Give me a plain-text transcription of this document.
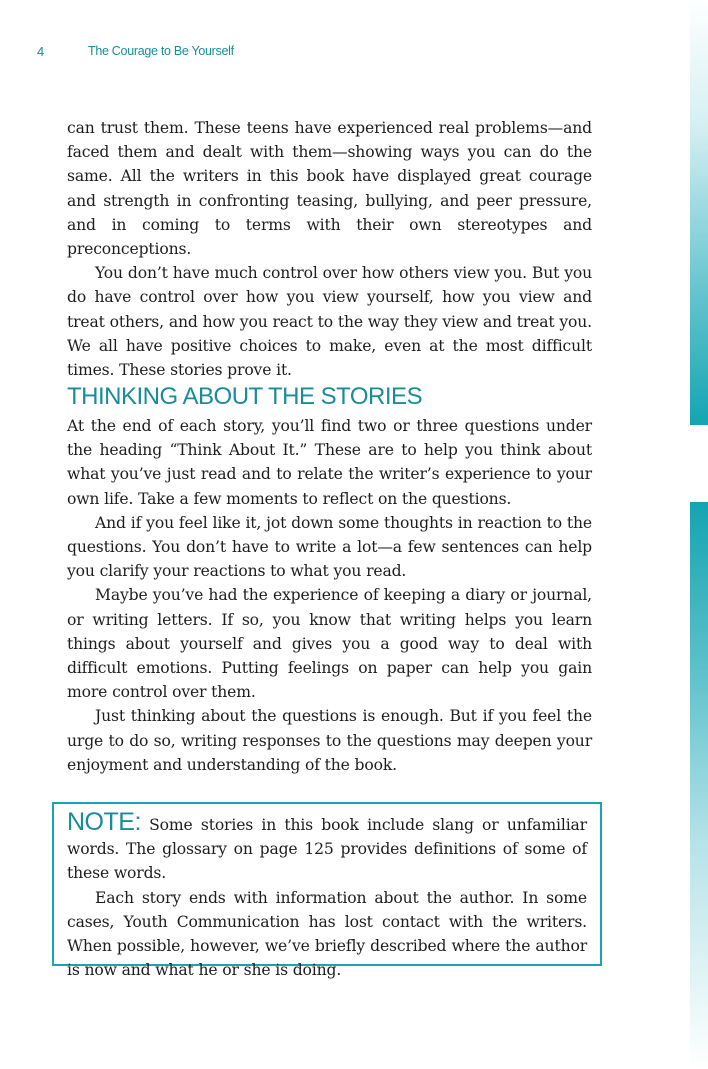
4	The Courage to Be Yourself

can trust them. These teens have experienced real problems—and faced them and dealt with them—showing ways you can do the same. All the writers in this book have displayed great courage and strength in confronting teasing, bullying, and peer pressure, and in coming to terms with their own stereotypes and preconceptions.

You don’t have much control over how others view you. But you do have control over how you view yourself, how you view and treat others, and how you react to the way they view and treat you. We all have positive choices to make, even at the most difficult times. These stories prove it.

THINKING ABOUT THE STORIES

At the end of each story, you’ll find two or three questions under the heading “Think About It.” These are to help you think about what you’ve just read and to relate the writer’s experience to your own life. Take a few moments to reflect on the questions.

And if you feel like it, jot down some thoughts in reaction to the questions. You don’t have to write a lot—a few sentences can help you clarify your reactions to what you read.

Maybe you’ve had the experience of keeping a diary or journal, or writing letters. If so, you know that writing helps you learn things about yourself and gives you a good way to deal with difficult emotions. Putting feelings on paper can help you gain more control over them.

Just thinking about the questions is enough. But if you feel the urge to do so, writing responses to the questions may deepen your enjoyment and understanding of the book.

NOTE: Some stories in this book include slang or unfamiliar words. The glossary on page 125 provides definitions of some of these words.

Each story ends with information about the author. In some cases, Youth Communication has lost contact with the writers. When possible, however, we’ve briefly described where the author is now and what he or she is doing.
